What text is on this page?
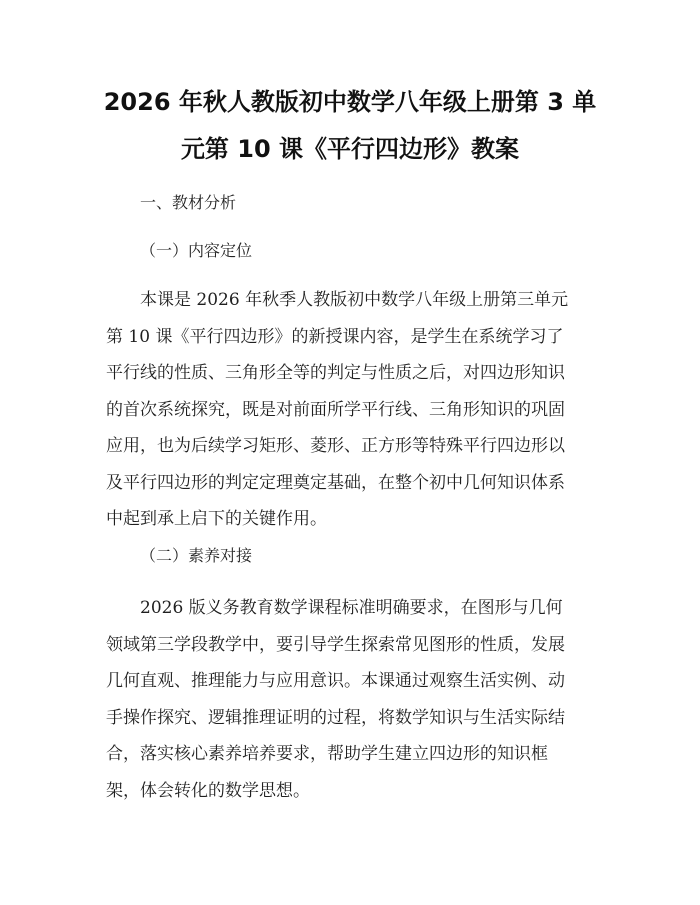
2026 年秋人教版初中数学八年级上册第 3 单
元第 10 课《平行四边形》教案
一、教材分析
（一）内容定位
本课是 2026 年秋季人教版初中数学八年级上册第三单元
第 10 课《平行四边形》的新授课内容，是学生在系统学习了
平行线的性质、三角形全等的判定与性质之后，对四边形知识
的首次系统探究，既是对前面所学平行线、三角形知识的巩固
应用，也为后续学习矩形、菱形、正方形等特殊平行四边形以
及平行四边形的判定定理奠定基础，在整个初中几何知识体系
中起到承上启下的关键作用。
（二）素养对接
2026 版义务教育数学课程标准明确要求，在图形与几何
领域第三学段教学中，要引导学生探索常见图形的性质，发展
几何直观、推理能力与应用意识。本课通过观察生活实例、动
手操作探究、逻辑推理证明的过程，将数学知识与生活实际结
合，落实核心素养培养要求，帮助学生建立四边形的知识框
架，体会转化的数学思想。
